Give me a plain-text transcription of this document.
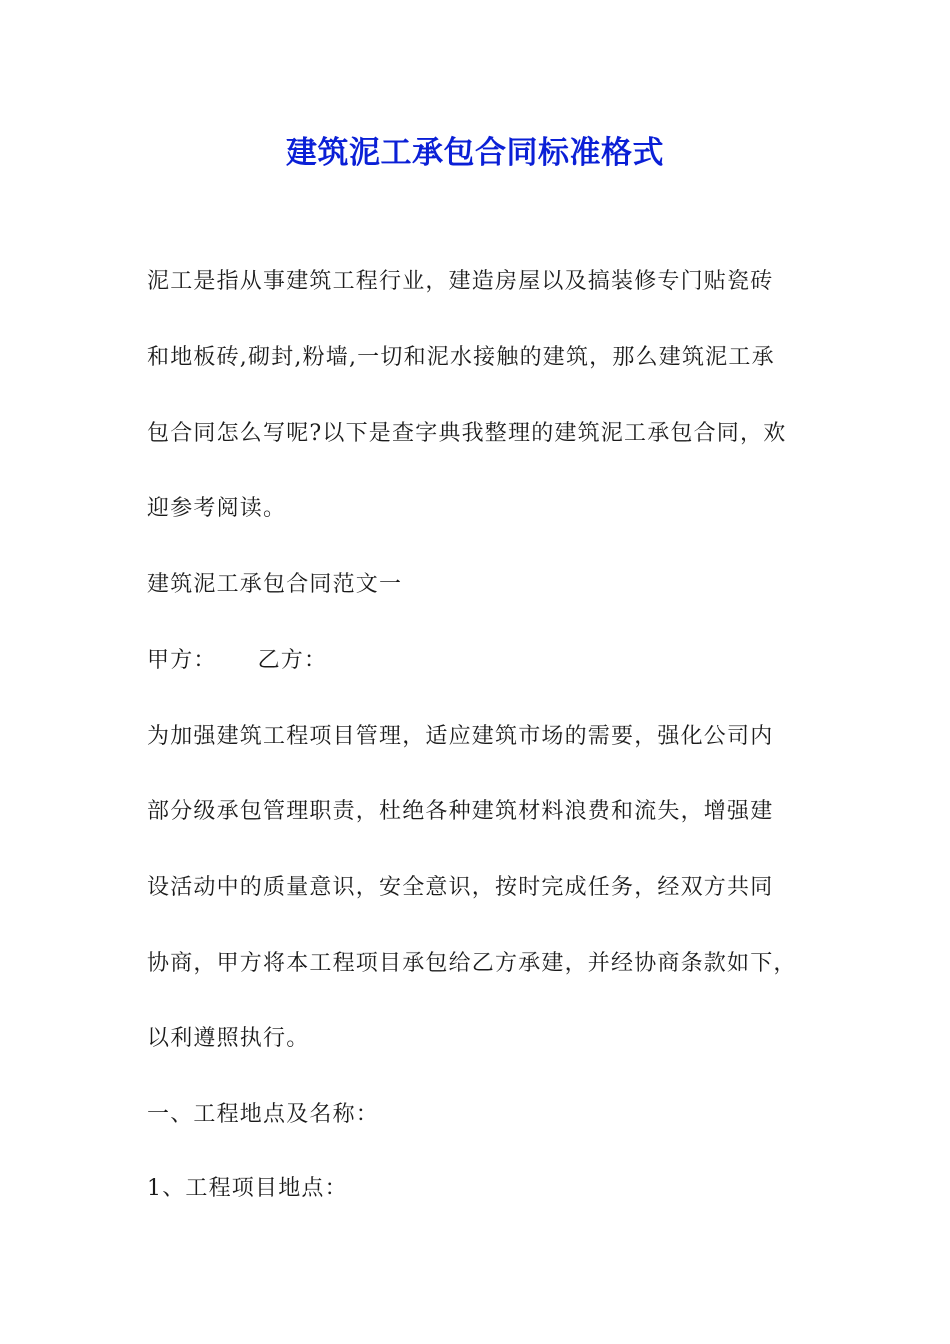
建筑泥工承包合同标准格式
泥工是指从事建筑工程行业，建造房屋以及搞装修专门贴瓷砖
和地板砖,砌封,粉墙,一切和泥水接触的建筑，那么建筑泥工承
包合同怎么写呢?以下是查字典我整理的建筑泥工承包合同，欢
迎参考阅读。
建筑泥工承包合同范文一
甲方：     乙方：
为加强建筑工程项目管理，适应建筑市场的需要，强化公司内
部分级承包管理职责，杜绝各种建筑材料浪费和流失，增强建
设活动中的质量意识，安全意识，按时完成任务，经双方共同
协商，甲方将本工程项目承包给乙方承建，并经协商条款如下，
以利遵照执行。
一、工程地点及名称：
1、工程项目地点：
